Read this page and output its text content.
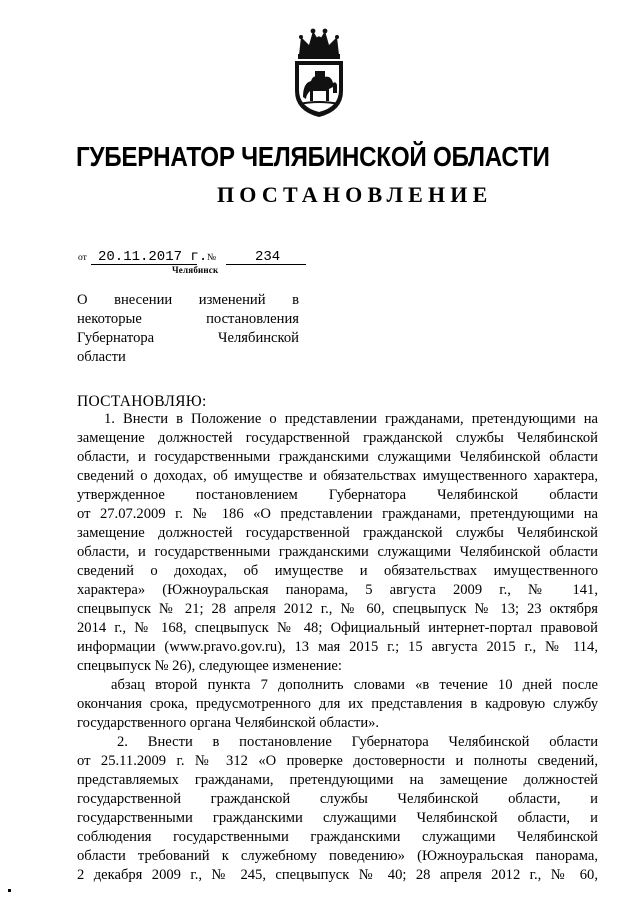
ГУБЕРНАТОР ЧЕЛЯБИНСКОЙ ОБЛАСТИ
ПОСТАНОВЛЕНИЕ
от 20.11.2017 г. №	234
Челябинск
О внесении изменений в
некоторые постановления
Губернатора Челябинской
области
ПОСТАНОВЛЯЮ:
1. Внести в Положение о представлении гражданами, претендующими на
замещение должностей государственной гражданской службы Челябинской
области, и государственными гражданскими служащими Челябинской области
сведений о доходах, об имуществе и обязательствах имущественного характера,
утвержденное постановлением Губернатора Челябинской области
от 27.07.2009 г. № 186 «О представлении гражданами, претендующими на
замещение должностей государственной гражданской службы Челябинской
области, и государственными гражданскими служащими Челябинской области
сведений о доходах, об имуществе и обязательствах имущественного
характера» (Южноуральская панорама, 5 августа 2009 г., № 141,
спецвыпуск № 21; 28 апреля 2012 г., № 60, спецвыпуск № 13; 23 октября
2014 г., № 168, спецвыпуск № 48; Официальный интернет-портал правовой
информации (www.pravo.gov.ru), 13 мая 2015 г.; 15 августа 2015 г., № 114,
спецвыпуск № 26), следующее изменение:
абзац второй пункта 7 дополнить словами «в течение 10 дней после
окончания срока, предусмотренного для их представления в кадровую службу
государственного органа Челябинской области».
2. Внести в постановление Губернатора Челябинской области
от 25.11.2009 г. № 312 «О проверке достоверности и полноты сведений,
представляемых гражданами, претендующими на замещение должностей
государственной гражданской службы Челябинской области, и
государственными гражданскими служащими Челябинской области, и
соблюдения государственными гражданскими служащими Челябинской
области требований к служебному поведению» (Южноуральская панорама,
2 декабря 2009 г., № 245, спецвыпуск № 40; 28 апреля 2012 г., № 60,
